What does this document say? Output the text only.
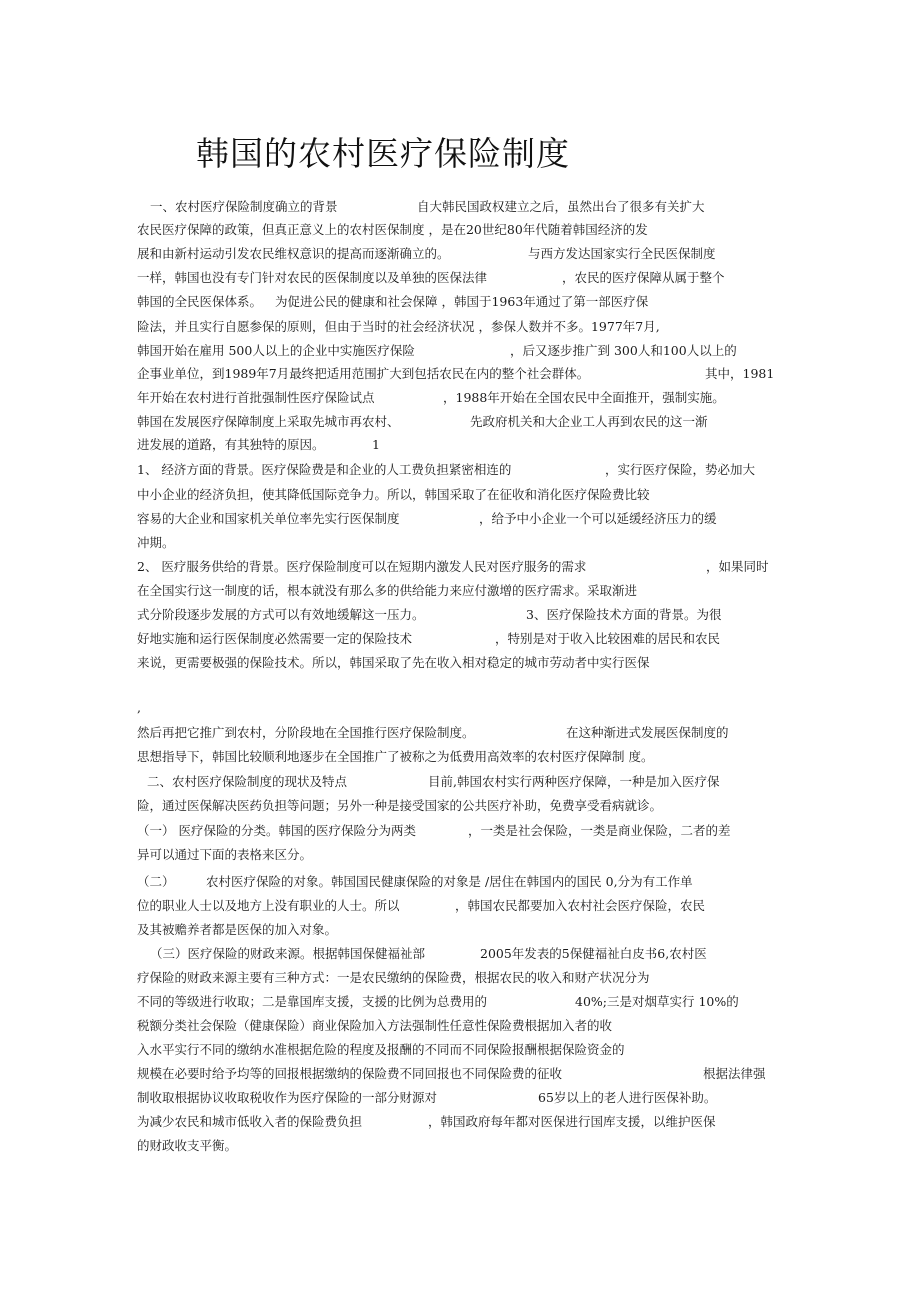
韩国的农村医疗保险制度
一、农村医疗保险制度确立的背景	自大韩民国政权建立之后，虽然出台了很多有关扩大
农民医疗保障的政策，但真正意义上的农村医保制度 ，是在20世纪80年代随着韩国经济的发
展和由新村运动引发农民维权意识的提高而逐渐确立的。	与西方发达国家实行全民医保制度
一样，韩国也没有专门针对农民的医保制度以及单独的医保法律	，农民的医疗保障从属于整个
韩国的全民医保体系。 为促进公民的健康和社会保障 ，韩国于1963年通过了第一部医疗保
险法，并且实行自愿参保的原则，但由于当时的社会经济状况 ，参保人数并不多。1977年7月,
韩国开始在雇用 500人以上的企业中实施医疗保险	，后又逐步推广到 300人和100人以上的
企事业单位，到1989年7月最终把适用范围扩大到包括农民在内的整个社会群体。	其中，1981
年开始在农村进行首批强制性医疗保险试点	，1988年开始在全国农民中全面推开，强制实施。
韩国在发展医疗保障制度上采取先城市再农村、	先政府机关和大企业工人再到农民的这一渐
进发展的道路，有其独特的原因。	1
1、 经济方面的背景。医疗保险费是和企业的人工费负担紧密相连的	，实行医疗保险，势必加大
中小企业的经济负担，使其降低国际竞争力。所以，韩国采取了在征收和消化医疗保险费比较
容易的大企业和国家机关单位率先实行医保制度	，给予中小企业一个可以延缓经济压力的缓
冲期。
2、 医疗服务供给的背景。医疗保险制度可以在短期内激发人民对医疗服务的需求	，如果同时
在全国实行这一制度的话，根本就没有那么多的供给能力来应付激增的医疗需求。采取渐进
式分阶段逐步发展的方式可以有效地缓解这一压力。	3、医疗保险技术方面的背景。为很
好地实施和运行医保制度必然需要一定的保险技术	，特别是对于收入比较困难的居民和农民
来说，更需要极强的保险技术。所以，韩国采取了先在收入相对稳定的城市劳动者中实行医保
,
然后再把它推广到农村，分阶段地在全国推行医疗保险制度。	在这种渐进式发展医保制度的
思想指导下，韩国比较顺利地逐步在全国推广了被称之为低费用高效率的农村医疗保障制 度。
二、农村医疗保险制度的现状及特点	目前,韩国农村实行两种医疗保障，一种是加入医疗保
险，通过医保解决医药负担等问题；另外一种是接受国家的公共医疗补助，免费享受看病就诊。
（一） 医疗保险的分类。韩国的医疗保险分为两类	，一类是社会保险，一类是商业保险，二者的差
异可以通过下面的表格来区分。
（二）	农村医疗保险的对象。韩国国民健康保险的对象是 /居住在韩国内的国民 0,分为有工作单
位的职业人士以及地方上没有职业的人士。所以	，韩国农民都要加入农村社会医疗保险，农民
及其被赡养者都是医保的加入对象。
（三）医疗保险的财政来源。根据韩国保健福祉部	2005年发表的5保健福祉白皮书6,农村医
疗保险的财政来源主要有三种方式：一是农民缴纳的保险费，根据农民的收入和财产状况分为
不同的等级进行收取；二是靠国库支援，支援的比例为总费用的	40%;三是对烟草实行 10%的
税额分类社会保险（健康保险）商业保险加入方法强制性任意性保险费根据加入者的收
入水平实行不同的缴纳水准根据危险的程度及报酬的不同而不同保险报酬根据保险资金的
规模在必要时给予均等的回报根据缴纳的保险费不同回报也不同保险费的征收	根据法律强
制收取根据协议收取税收作为医疗保险的一部分财源对	65岁以上的老人进行医保补助。
为减少农民和城市低收入者的保险费负担	，韩国政府每年都对医保进行国库支援，以维护医保
的财政收支平衡。
